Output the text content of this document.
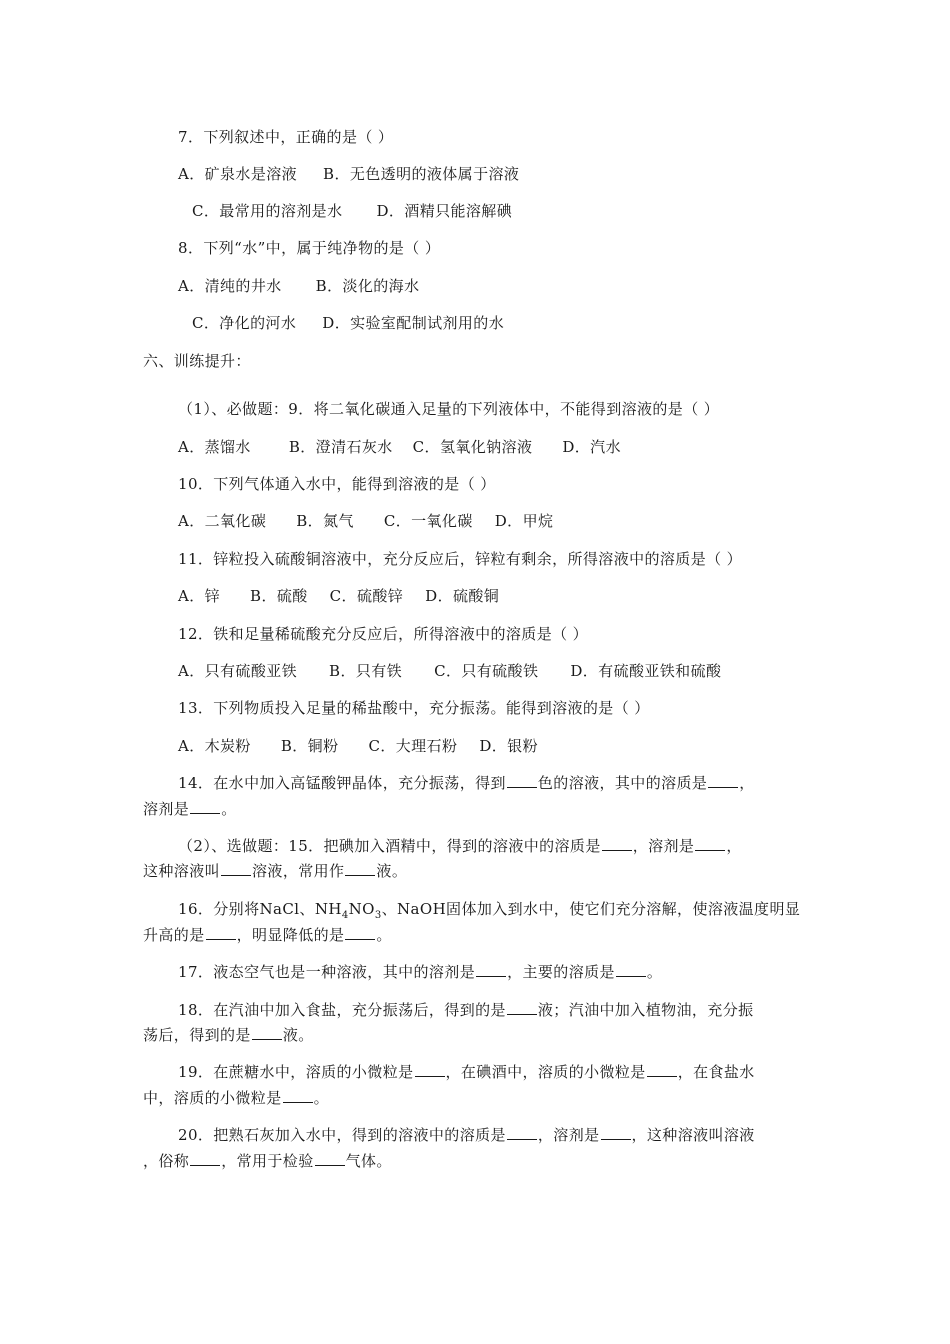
7．下列叙述中，正确的是（ ）
A．矿泉水是溶液 B．无色透明的液体属于溶液
C．最常用的溶剂是水 D．酒精只能溶解碘
8．下列“水”中，属于纯净物的是（ ）
A．清纯的井水 B．淡化的海水
C．净化的河水 D．实验室配制试剂用的水
六、训练提升：
（1）、必做题：9．将二氧化碳通入足量的下列液体中，不能得到溶液的是（ ）
A．蒸馏水	B．澄清石灰水 C．氢氧化钠溶液 D．汽水
10．下列气体通入水中，能得到溶液的是（ ）
A．二氧化碳 B．氮气 C．一氧化碳 D．甲烷
11．锌粒投入硫酸铜溶液中，充分反应后，锌粒有剩余，所得溶液中的溶质是（ ）
A．锌 B．硫酸 C．硫酸锌 D．硫酸铜
12．铁和足量稀硫酸充分反应后，所得溶液中的溶质是（ ）
A．只有硫酸亚铁 B．只有铁 C．只有硫酸铁 D．有硫酸亚铁和硫酸
13．下列物质投入足量的稀盐酸中，充分振荡。能得到溶液的是（ ）
A．木炭粉 B．铜粉 C．大理石粉 D．银粉
14．在水中加入高锰酸钾晶体，充分振荡，得到 色的溶液，其中的溶质是 ，
溶剂是 。
（2）、选做题：15．把碘加入酒精中，得到的溶液中的溶质是 ，溶剂是 ，
这种溶液叫 溶液，常用作 液。
16．分别将NaCl、$NH_4NO_3$、NaOH固体加入到水中，使它们充分溶解，使溶液温度明显
升高的是 ，明显降低的是 。
17．液态空气也是一种溶液，其中的溶剂是 ，主要的溶质是 。
18．在汽油中加入食盐，充分振荡后，得到的是 液；汽油中加入植物油，充分振
荡后，得到的是 液。
19．在蔗糖水中，溶质的小微粒是 ，在碘酒中，溶质的小微粒是 ，在食盐水
中，溶质的小微粒是 。
20．把熟石灰加入水中，得到的溶液中的溶质是 ，溶剂是 ，这种溶液叫溶液
，俗称 ，常用于检验 气体。
